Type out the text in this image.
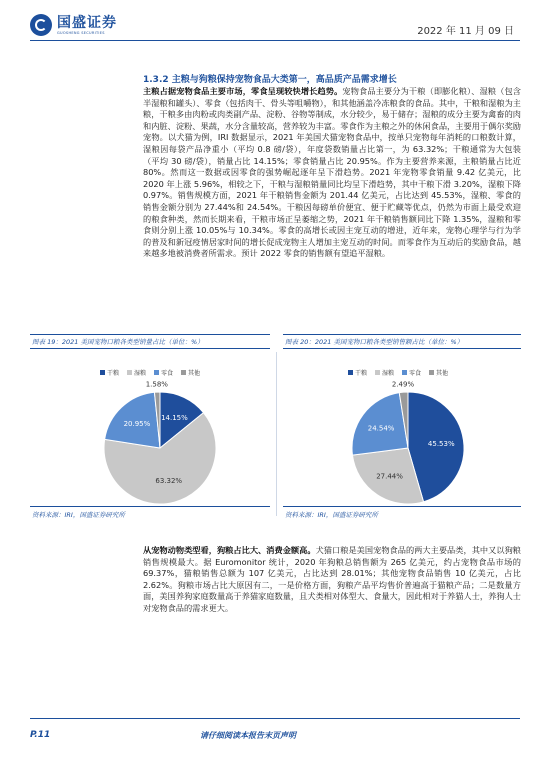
国盛证券
GUOSHENG SECURITIES	2022 年 11 月 09 日
1.3.2 主粮与狗粮保持宠物食品大类第一，高品质产品需求增长
主粮占据宠物食品主要市场，零食呈现较快增长趋势。宠物食品主要分为干粮（即膨化粮）、湿粮（包含半湿粮和罐头）、零食（包括肉干、骨头等咀嚼物），和其他涵盖冷冻粮食的食品。其中，干粮和湿粮为主粮，干粮多由肉粉或肉类副产品、淀粉、谷物等制成，水分较少，易于储存；湿粮的成分主要为禽畜的肉和内脏、淀粉、果蔬，水分含量较高，营养较为丰富。零食作为主粮之外的休闲食品，主要用于偶尔奖励宠物。以犬猫为例，IRI 数据显示，2021 年美国犬猫宠物食品中，按单只宠物每年消耗的口粮数计算，湿粮因每袋产品净重小（平均 0.8 磅/袋），年度袋数销量占比第一，为 63.32%；干粮通常为大包装（平均 30 磅/袋），销量占比 14.15%；零食销量占比 20.95%。作为主要营养来源，主粮销量占比近 80%。然而这一数据或因零食的强势崛起逐年呈下滑趋势。2021 年宠物零食销量 9.42 亿美元，比 2020 年上涨 5.96%，相较之下，干粮与湿粮销量同比均呈下滑趋势，其中干粮下滑 3.20%，湿粮下降 0.97%。销售规模方面，2021 年干粮销售金额为 201.44 亿美元，占比达到 45.53%，湿粮、零食的销售金额分别为 27.44%和 24.54%。干粮因每磅单价便宜、便于贮藏等优点，仍然为市面上最受欢迎的粮食种类，然而长期来看，干粮市场正呈萎缩之势，2021 年干粮销售额同比下降 1.35%，湿粮和零食则分别上涨 10.05%与 10.34%。零食的高增长或因主宠互动的增进，近年来，宠物心理学与行为学的普及和新冠疫情居家时间的增长促成宠物主人增加主宠互动的时间。而零食作为互动后的奖励食品，越来越多地被消费者所需求。预计 2022 零食的销售额有望追平湿粮。
图表 19：2021 美国宠物口粮各类型销量占比（单位：%）	图表 20：2021 美国宠物口粮各类型销售额占比（单位：%）
干粮	湿粮	零食	其他	干粮	湿粮	零食	其他
14.15%
63.32%
20.95%
1.58%
45.53%
27.44%
24.54%
2.49%
资料来源：IRI，国盛证券研究所	资料来源：IRI，国盛证券研究所
从宠物动物类型看，狗粮占比大、消费金额高。犬猫口粮是美国宠物食品的两大主要品类，其中又以狗粮销售规模最大。据 Euromonitor 统计，2020 年狗粮总销售额为 265 亿美元，约占宠物食品市场的 69.37%，猫粮销售总额为 107 亿美元，占比达到 28.01%；其他宠物食品销售 10 亿美元，占比 2.62%。狗粮市场占比大原因有二，一是价格方面，狗粮产品平均售价普遍高于猫粮产品；二是数量方面，美国养狗家庭数量高于养猫家庭数量，且犬类相对体型大、食量大，因此相对于养猫人士，养狗人士对宠物食品的需求更大。
P.11	请仔细阅读本报告末页声明
